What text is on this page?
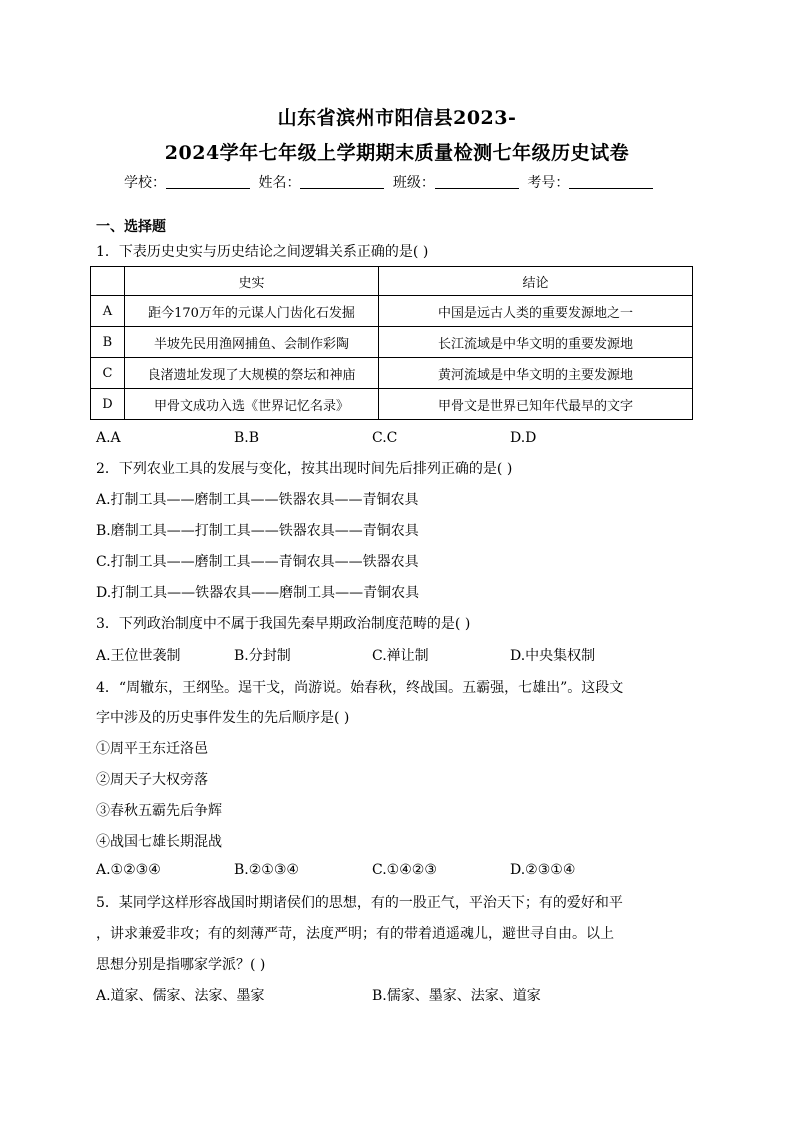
山东省滨州市阳信县2023-
2024学年七年级上学期期末质量检测七年级历史试卷
学校：	姓名：	班级：	考号：
一、选择题
1．下表历史史实与历史结论之间逻辑关系正确的是( )
	史实	结论
A	距今170万年的元谋人门齿化石发掘	中国是远古人类的重要发源地之一
B	半坡先民用渔网捕鱼、会制作彩陶	长江流域是中华文明的重要发源地
C	良渚遗址发现了大规模的祭坛和神庙	黄河流域是中华文明的主要发源地
D	甲骨文成功入选《世界记忆名录》	甲骨文是世界已知年代最早的文字
A.A	B.B	C.C	D.D
2．下列农业工具的发展与变化，按其出现时间先后排列正确的是( )
A.打制工具——磨制工具——铁器农具——青铜农具
B.磨制工具——打制工具——铁器农具——青铜农具
C.打制工具——磨制工具——青铜农具——铁器农具
D.打制工具——铁器农具——磨制工具——青铜农具
3．下列政治制度中不属于我国先秦早期政治制度范畴的是( )
A.王位世袭制	B.分封制	C.禅让制	D.中央集权制
4．“周辙东，王纲坠。逞干戈，尚游说。始春秋，终战国。五霸强，七雄出”。这段文
字中涉及的历史事件发生的先后顺序是( )
①周平王东迁洛邑
②周天子大权旁落
③春秋五霸先后争辉
④战国七雄长期混战
A.①②③④	B.②①③④	C.①④②③	D.②③①④
5．某同学这样形容战国时期诸侯们的思想，有的一股正气，平治天下；有的爱好和平
，讲求兼爱非攻；有的刻薄严苛，法度严明；有的带着逍遥魂儿，避世寻自由。以上
思想分别是指哪家学派？( )
A.道家、儒家、法家、墨家	B.儒家、墨家、法家、道家
